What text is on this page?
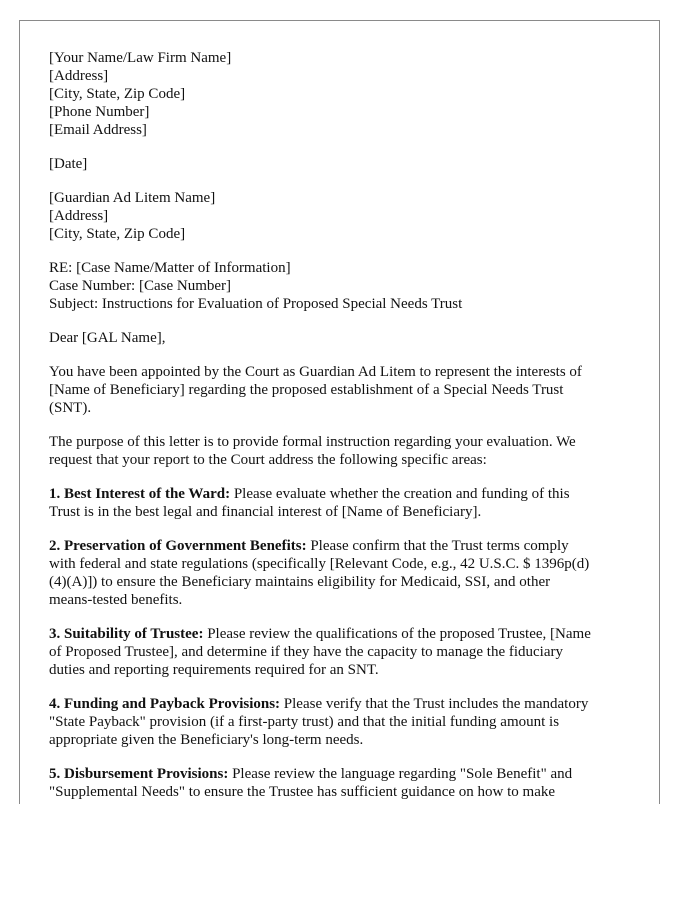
[Your Name/Law Firm Name]
[Address]
[City, State, Zip Code]
[Phone Number]
[Email Address]
[Date]
[Guardian Ad Litem Name]
[Address]
[City, State, Zip Code]
RE: [Case Name/Matter of Information]
Case Number: [Case Number]
Subject: Instructions for Evaluation of Proposed Special Needs Trust

Dear [GAL Name],

You have been appointed by the Court as Guardian Ad Litem to represent the interests of
[Name of Beneficiary] regarding the proposed establishment of a Special Needs Trust
(SNT).

The purpose of this letter is to provide formal instruction regarding your evaluation. We
request that your report to the Court address the following specific areas:

1. Best Interest of the Ward: Please evaluate whether the creation and funding of this
Trust is in the best legal and financial interest of [Name of Beneficiary].

2. Preservation of Government Benefits: Please confirm that the Trust terms comply
with federal and state regulations (specifically [Relevant Code, e.g., 42 U.S.C. $ 1396p(d)
(4)(A)]) to ensure the Beneficiary maintains eligibility for Medicaid, SSI, and other
means-tested benefits.

3. Suitability of Trustee: Please review the qualifications of the proposed Trustee, [Name
of Proposed Trustee], and determine if they have the capacity to manage the fiduciary
duties and reporting requirements required for an SNT.

4. Funding and Payback Provisions: Please verify that the Trust includes the mandatory
"State Payback" provision (if a first-party trust) and that the initial funding amount is
appropriate given the Beneficiary's long-term needs.

5. Disbursement Provisions: Please review the language regarding "Sole Benefit" and
"Supplemental Needs" to ensure the Trustee has sufficient guidance on how to make
